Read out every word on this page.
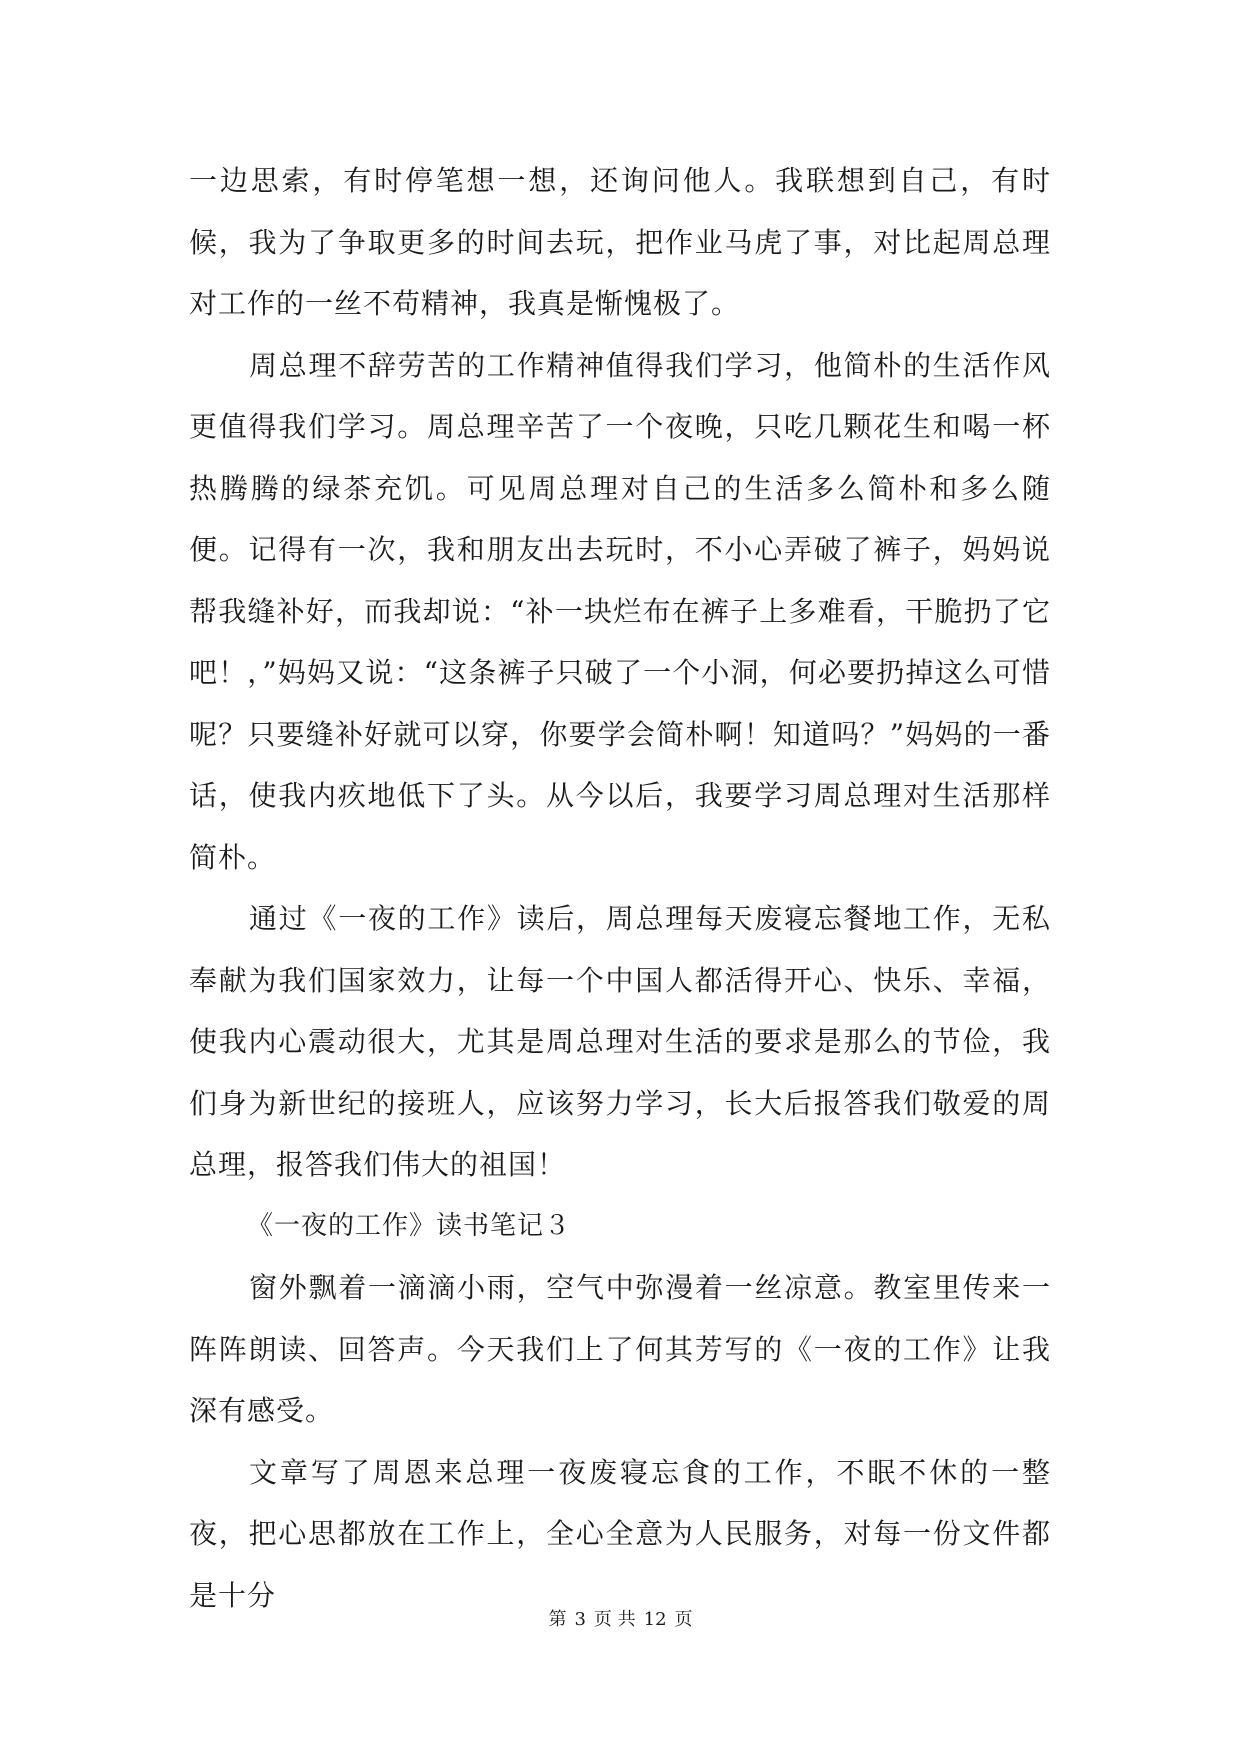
一边思索，有时停笔想一想，还询问他人。我联想到自己，有时候，我为了争取更多的时间去玩，把作业马虎了事，对比起周总理对工作的一丝不苟精神，我真是惭愧极了。

周总理不辞劳苦的工作精神值得我们学习，他简朴的生活作风更值得我们学习。周总理辛苦了一个夜晚，只吃几颗花生和喝一杯热腾腾的绿茶充饥。可见周总理对自己的生活多么简朴和多么随便。记得有一次，我和朋友出去玩时，不小心弄破了裤子，妈妈说帮我缝补好，而我却说：“补一块烂布在裤子上多难看，干脆扔了它吧！，”妈妈又说：“这条裤子只破了一个小洞，何必要扔掉这么可惜呢？只要缝补好就可以穿，你要学会简朴啊！知道吗？”妈妈的一番话，使我内疚地低下了头。从今以后，我要学习周总理对生活那样简朴。

通过《一夜的工作》读后，周总理每天废寝忘餐地工作，无私奉献为我们国家效力，让每一个中国人都活得开心、快乐、幸福，使我内心震动很大，尤其是周总理对生活的要求是那么的节俭，我们身为新世纪的接班人，应该努力学习，长大后报答我们敬爱的周总理，报答我们伟大的祖国！

《一夜的工作》读书笔记３

窗外飘着一滴滴小雨，空气中弥漫着一丝凉意。教室里传来一阵阵朗读、回答声。今天我们上了何其芳写的《一夜的工作》让我深有感受。

文章写了周恩来总理一夜废寝忘食的工作，不眠不休的一整夜，把心思都放在工作上，全心全意为人民服务，对每一份文件都是十分

第 3 页 共 12 页
